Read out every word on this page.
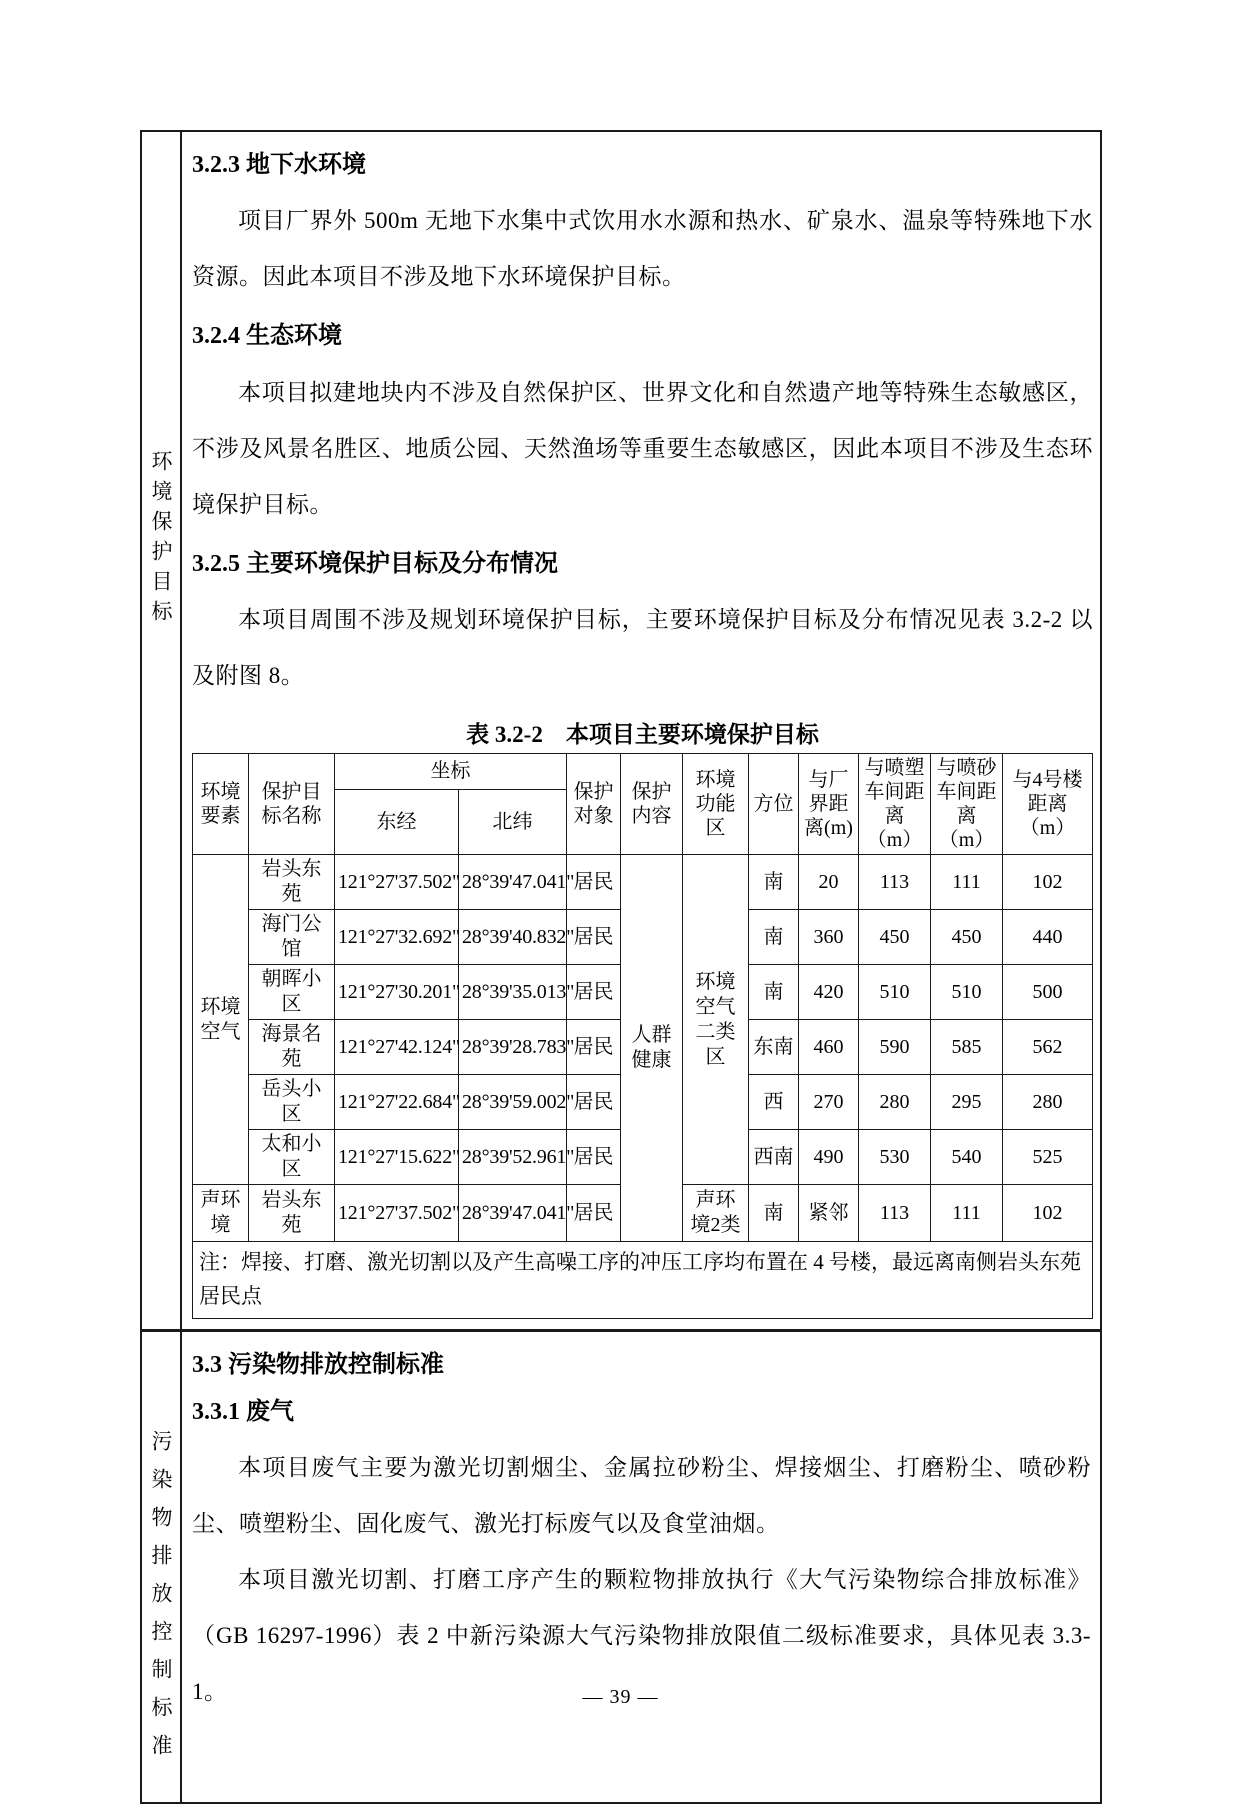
环境保护目标
3.2.3 地下水环境

项目厂界外 500m 无地下水集中式饮用水水源和热水、矿泉水、温泉等特殊地下水资源。因此本项目不涉及地下水环境保护目标。

3.2.4 生态环境

本项目拟建地块内不涉及自然保护区、世界文化和自然遗产地等特殊生态敏感区，不涉及风景名胜区、地质公园、天然渔场等重要生态敏感区，因此本项目不涉及生态环境保护目标。

3.2.5 主要环境保护目标及分布情况

本项目周围不涉及规划环境保护目标，主要环境保护目标及分布情况见表 3.2-2 以及附图 8。

表 3.2-2　本项目主要环境保护目标
环境要素	保护目标名称	坐标		保护对象	保护内容	环境功能区	方位	与厂界距离(m)	与喷塑车间距离（m）	与喷砂车间距离（m）	与4号楼距离（m）
		东经	北纬								
环境空气	岩头东苑	121°27'37.502"	28°39'47.041"	居民	人群健康	环境空气二类区	南	20	113	111	102
	海门公馆	121°27'32.692"	28°39'40.832"	居民			南	360	450	450	440
	朝晖小区	121°27'30.201"	28°39'35.013"	居民			南	420	510	510	500
	海景名苑	121°27'42.124"	28°39'28.783"	居民			东南	460	590	585	562
	岳头小区	121°27'22.684"	28°39'59.002"	居民			西	270	280	295	280
	太和小区	121°27'15.622"	28°39'52.961"	居民			西南	490	530	540	525
声环境	岩头东苑	121°27'37.502"	28°39'47.041"	居民		声环境2类	南	紧邻	113	111	102
注：焊接、打磨、激光切割以及产生高噪工序的冲压工序均布置在 4 号楼，最远离南侧岩头东苑居民点											
污染物排放控制标准
3.3 污染物排放控制标准
3.3.1 废气

本项目废气主要为激光切割烟尘、金属拉砂粉尘、焊接烟尘、打磨粉尘、喷砂粉尘、喷塑粉尘、固化废气、激光打标废气以及食堂油烟。

本项目激光切割、打磨工序产生的颗粒物排放执行《大气污染物综合排放标准》（GB 16297-1996）表 2 中新污染源大气污染物排放限值二级标准要求，具体见表 3.3-1。	— 39 —
